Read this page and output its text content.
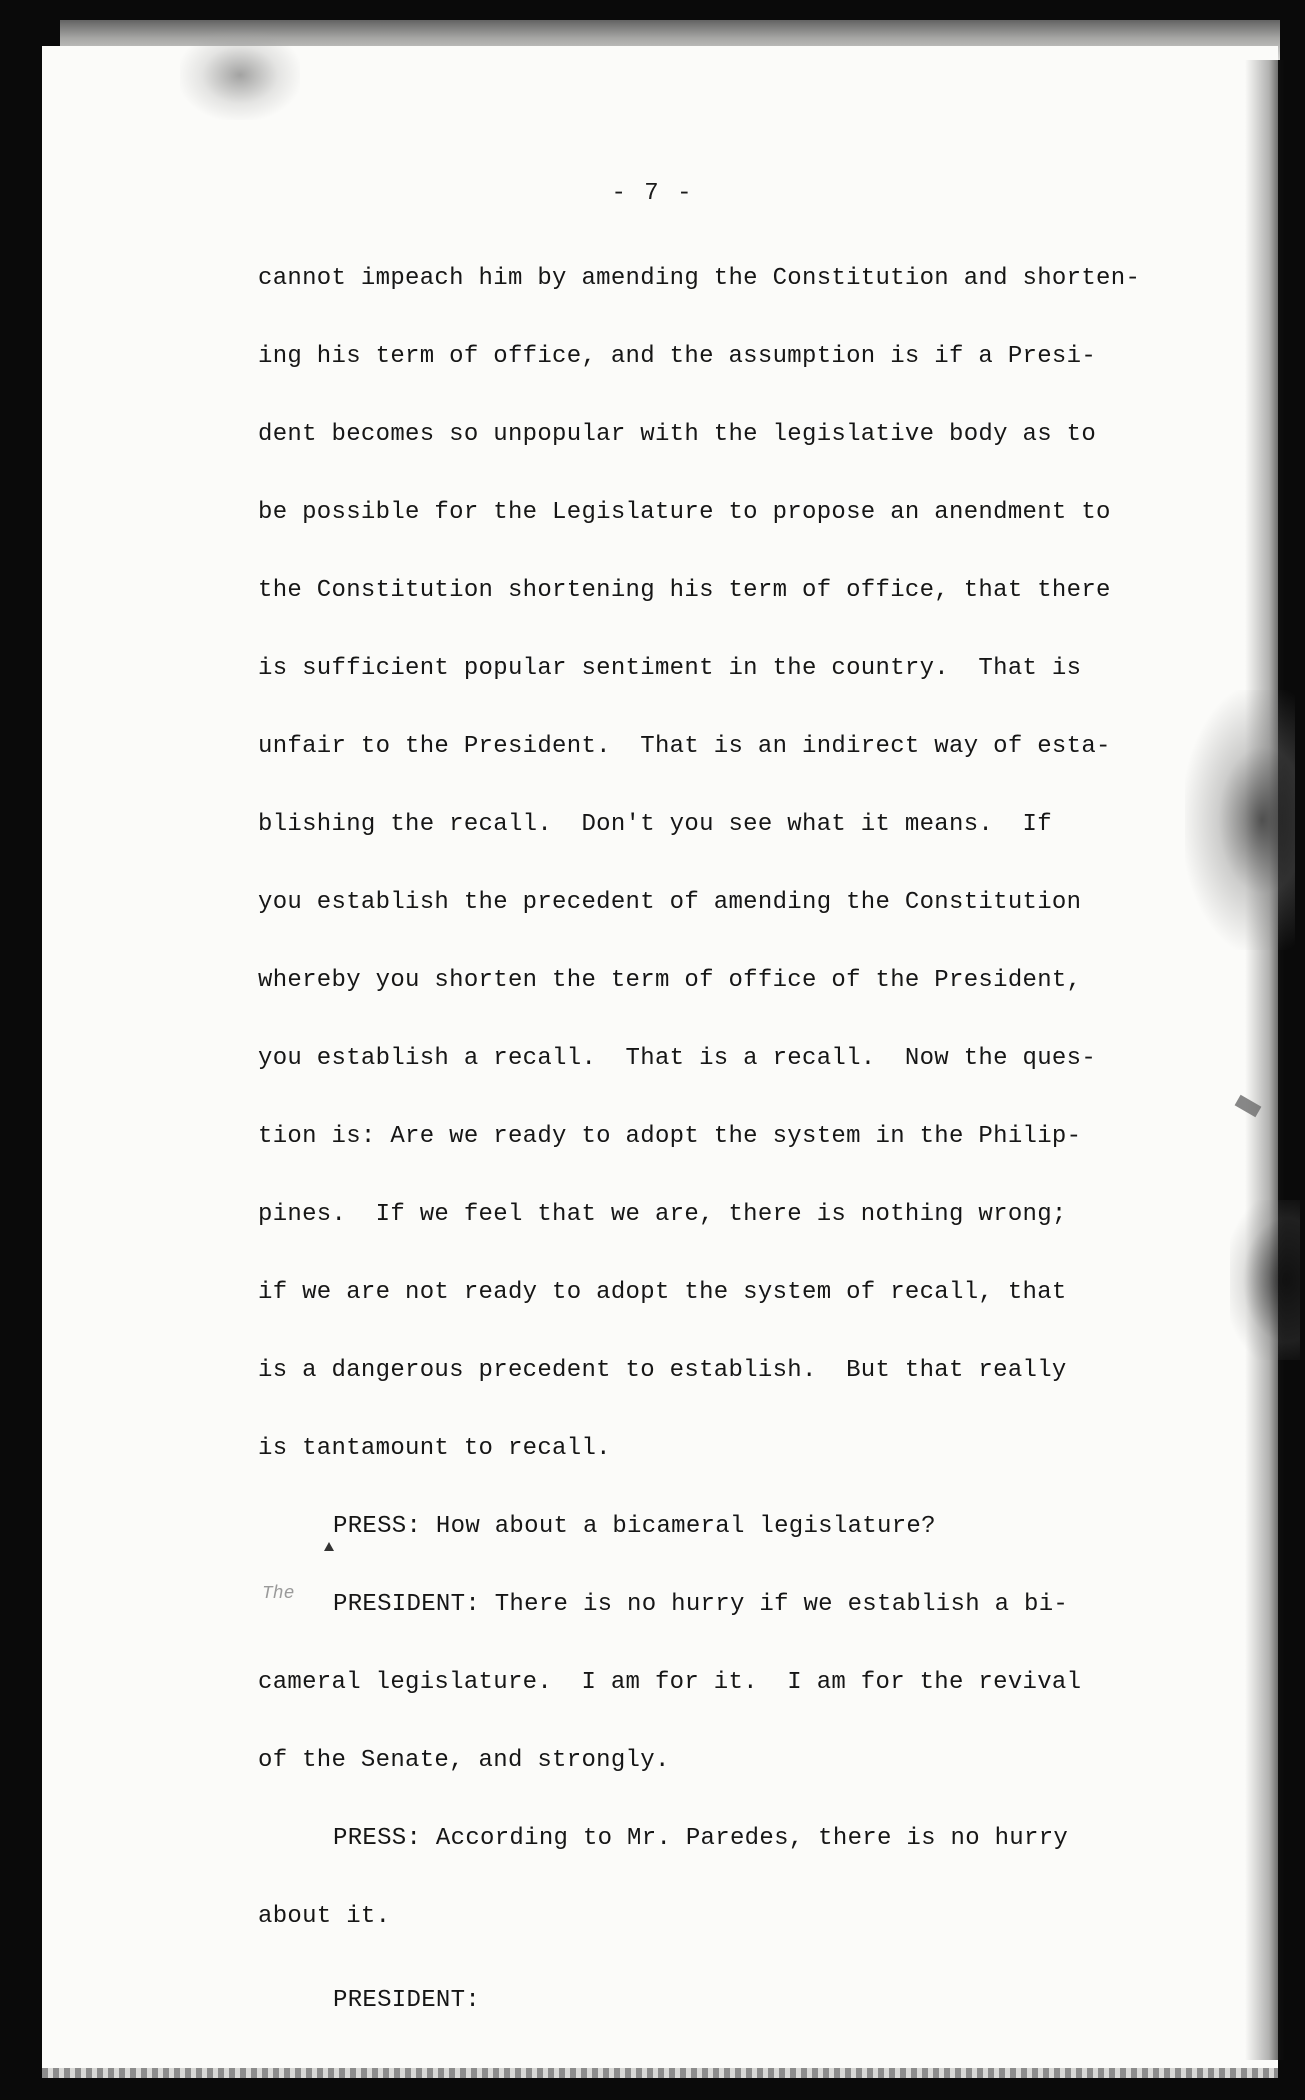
- 7 -
cannot impeach him by amending the Constitution and shorten-
ing his term of office, and the assumption is if a Presi-
dent becomes so unpopular with the legislative body as to
be possible for the Legislature to propose an anendment to
the Constitution shortening his term of office, that there
is sufficient popular sentiment in the country.  That is
unfair to the President.  That is an indirect way of esta-
blishing the recall.  Don't you see what it means.  If
you establish the precedent of amending the Constitution
whereby you shorten the term of office of the President,
you establish a recall.  That is a recall.  Now the ques-
tion is: Are we ready to adopt the system in the Philip-
pines.  If we feel that we are, there is nothing wrong;
if we are not ready to adopt the system of recall, that
is a dangerous precedent to establish.  But that really
is tantamount to recall.
PRESS: How about a bicameral legislature?
The PRESIDENT: There is no hurry if we establish a bi-
cameral legislature.  I am for it.  I am for the revival
of the Senate, and strongly.
PRESS: According to Mr. Paredes, there is no hurry
about it.
PRESIDENT:
